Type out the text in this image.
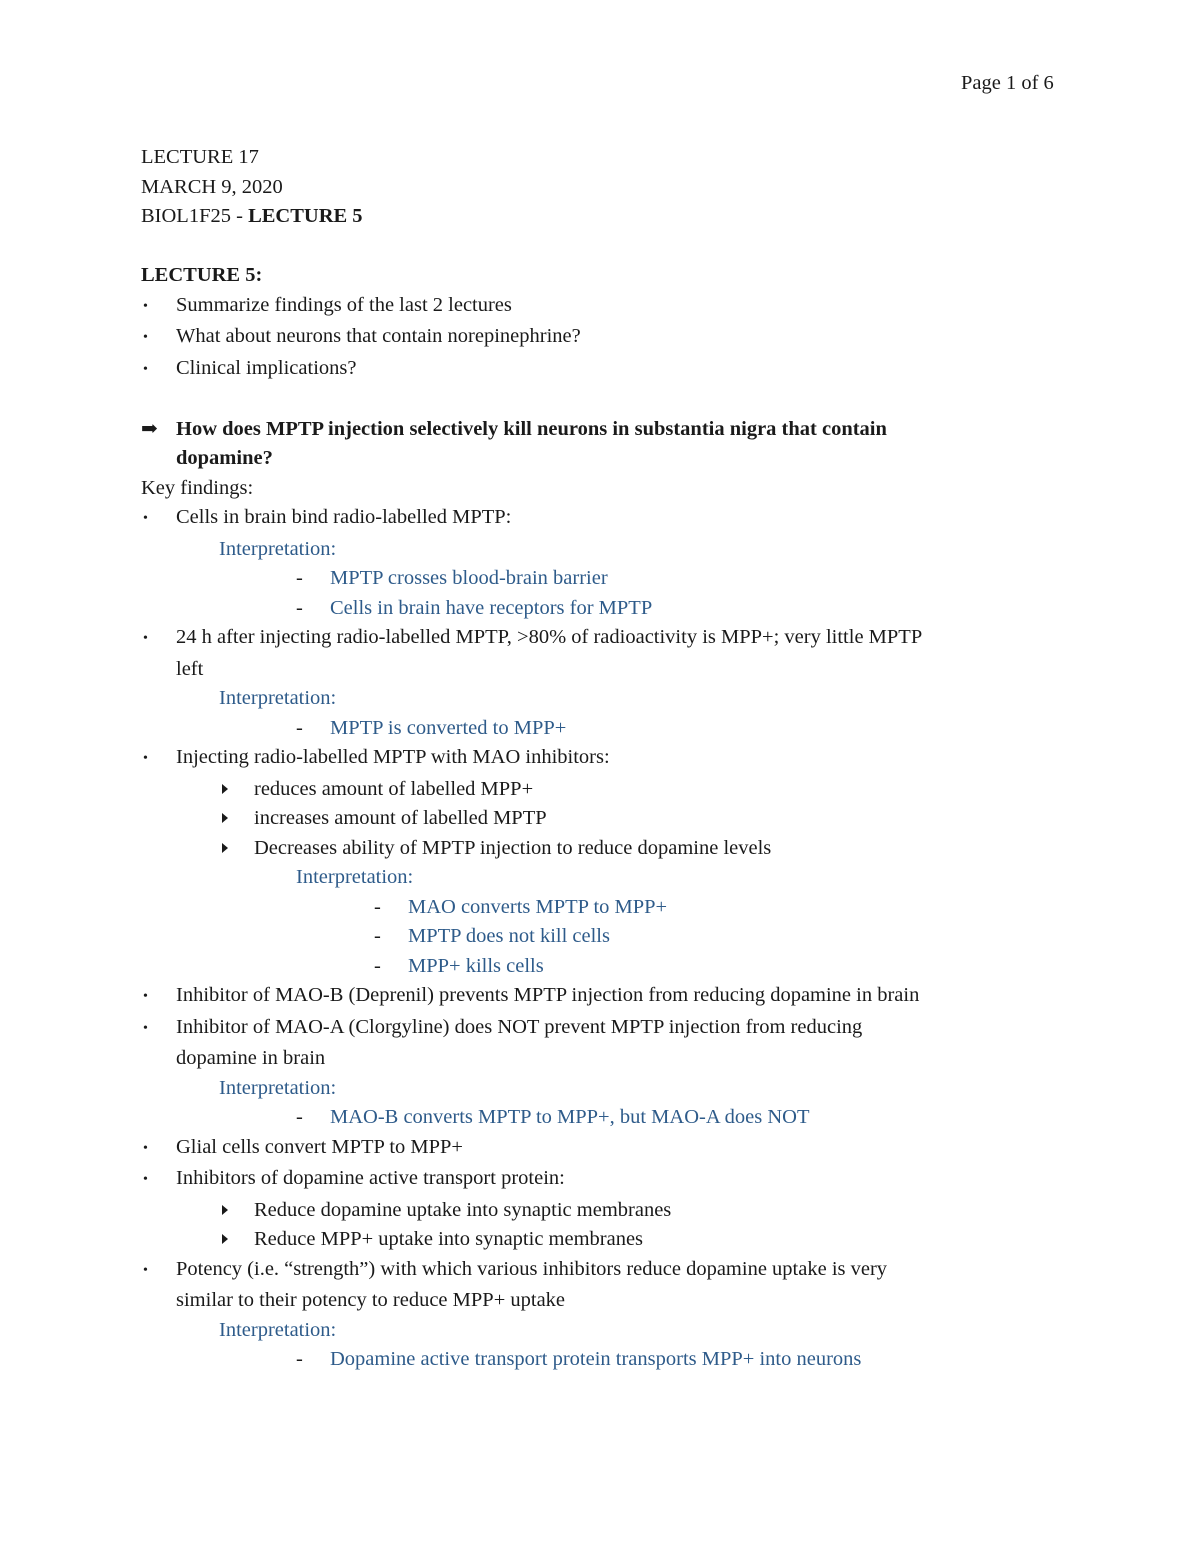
Page 1 of 6
LECTURE 17
MARCH 9, 2020
BIOL1F25 - LECTURE 5
LECTURE 5:
•	Summarize findings of the last 2 lectures
•	What about neurons that contain norepinephrine?
•	Clinical implications?
➡ How does MPTP injection selectively kill neurons in substantia nigra that contain
dopamine?
Key findings:
•	Cells in brain bind radio-labelled MPTP:
Interpretation:
-	MPTP crosses blood-brain barrier
-	Cells in brain have receptors for MPTP
•	24 h after injecting radio-labelled MPTP, >80% of radioactivity is MPP+; very little MPTP
left
Interpretation:
-	MPTP is converted to MPP+
•	Injecting radio-labelled MPTP with MAO inhibitors:
reduces amount of labelled MPP+
increases amount of labelled MPTP
Decreases ability of MPTP injection to reduce dopamine levels
Interpretation:
-	MAO converts MPTP to MPP+
-	MPTP does not kill cells
-	MPP+ kills cells
•	Inhibitor of MAO-B (Deprenil) prevents MPTP injection from reducing dopamine in brain
•	Inhibitor of MAO-A (Clorgyline) does NOT prevent MPTP injection from reducing
dopamine in brain
Interpretation:
-	MAO-B converts MPTP to MPP+, but MAO-A does NOT
•	Glial cells convert MPTP to MPP+
•	Inhibitors of dopamine active transport protein:
Reduce dopamine uptake into synaptic membranes
Reduce MPP+ uptake into synaptic membranes
•	Potency (i.e. “strength”) with which various inhibitors reduce dopamine uptake is very
similar to their potency to reduce MPP+ uptake
Interpretation:
-	Dopamine active transport protein transports MPP+ into neurons
